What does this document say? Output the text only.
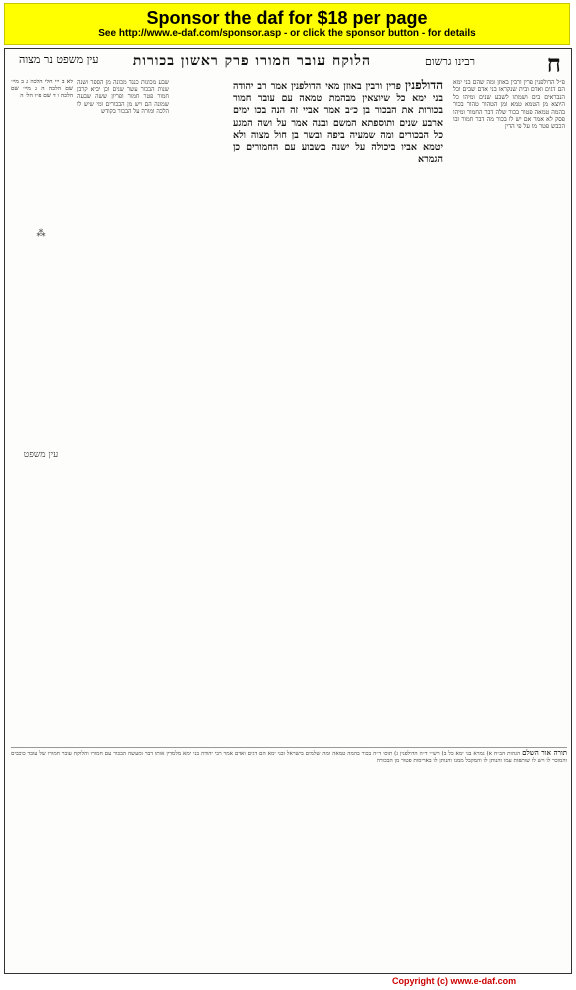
Sponsor the daf for $18 per page
See http://www.e-daf.com/sponsor.asp - or click the sponsor button - for details
ח
הלוקח עובר חמורו פרק ראשון בכורות	רבינו גרשום
עין משפט נר מצוה
פ״ל הדולפנין פרין ורבין באוזן ומה שהם בני ימא הם דגים ואדם ובית שנקראו בני אדם שבים וכל הנבראים בים ושמתו לשבע שנים ומיהו כל היוצא מן הטמא טמא ומן הטהור טהור בכור בהמה טמאה פטור בכור שלה דבר החמור ומיהו פסק לא אמר אם יש לו בכור מה דבר חמור ובו הכבש פטר מו על פי הדין
הדולפנין פרין ורבין באוזן מאי הדולפנין אמר רב יהודה בני ימא כל שיוצאין מבהמת טמאה עם עובר חמור בכורות את הבכור בן כ״ב אמר אביי זה הנה בכו ימים ארבע שנים ותוספתא המשם ובנה אמר על ושה המגע כל הבכורים ומה שמעיה ביפה ובשר בן חול מצוה ולא יטמא אביו ביכולה על ישנה בשבוע עם החמורים כן הגמרא
שבע מכונות כנגד מכונה מן הספר ושנה שנות הבכור עשר שנים וכן יביא קרבן חמור פטר חמור ופריון ששה שבעה שמונה הם ויש מן הבכורים ומי שיש לו הלכה ומורה על הבכור בקודש
לא ב ייי חלי הלכה ג ב מיי׳ שם הלכה ה ג מיי׳ שם הלכה ו ד שם פ״ו הל׳ ה
⁂
עין משפט
תורה אור השלם הגהות הב״ח א) גמרא בני ימא כל ב) רש״י ד״ה הדולפנין ג) תוס׳ ד״ה בכור בהמה טמאה ומה שלמים בישראל ובני ימא הם דגים ואדם אמר רבי יהודה בני ימא מלמדין אותו דבר ומעשה הבכור עם חמורו והלוקח עובר חמורו של עובד כוכבים והמוכר לו ויש לו שותפות עמו והנותן לו והמקבל ממנו והנותן לו באריסות פטור מן הבכורה
Copyright (c) www.e-daf.com
